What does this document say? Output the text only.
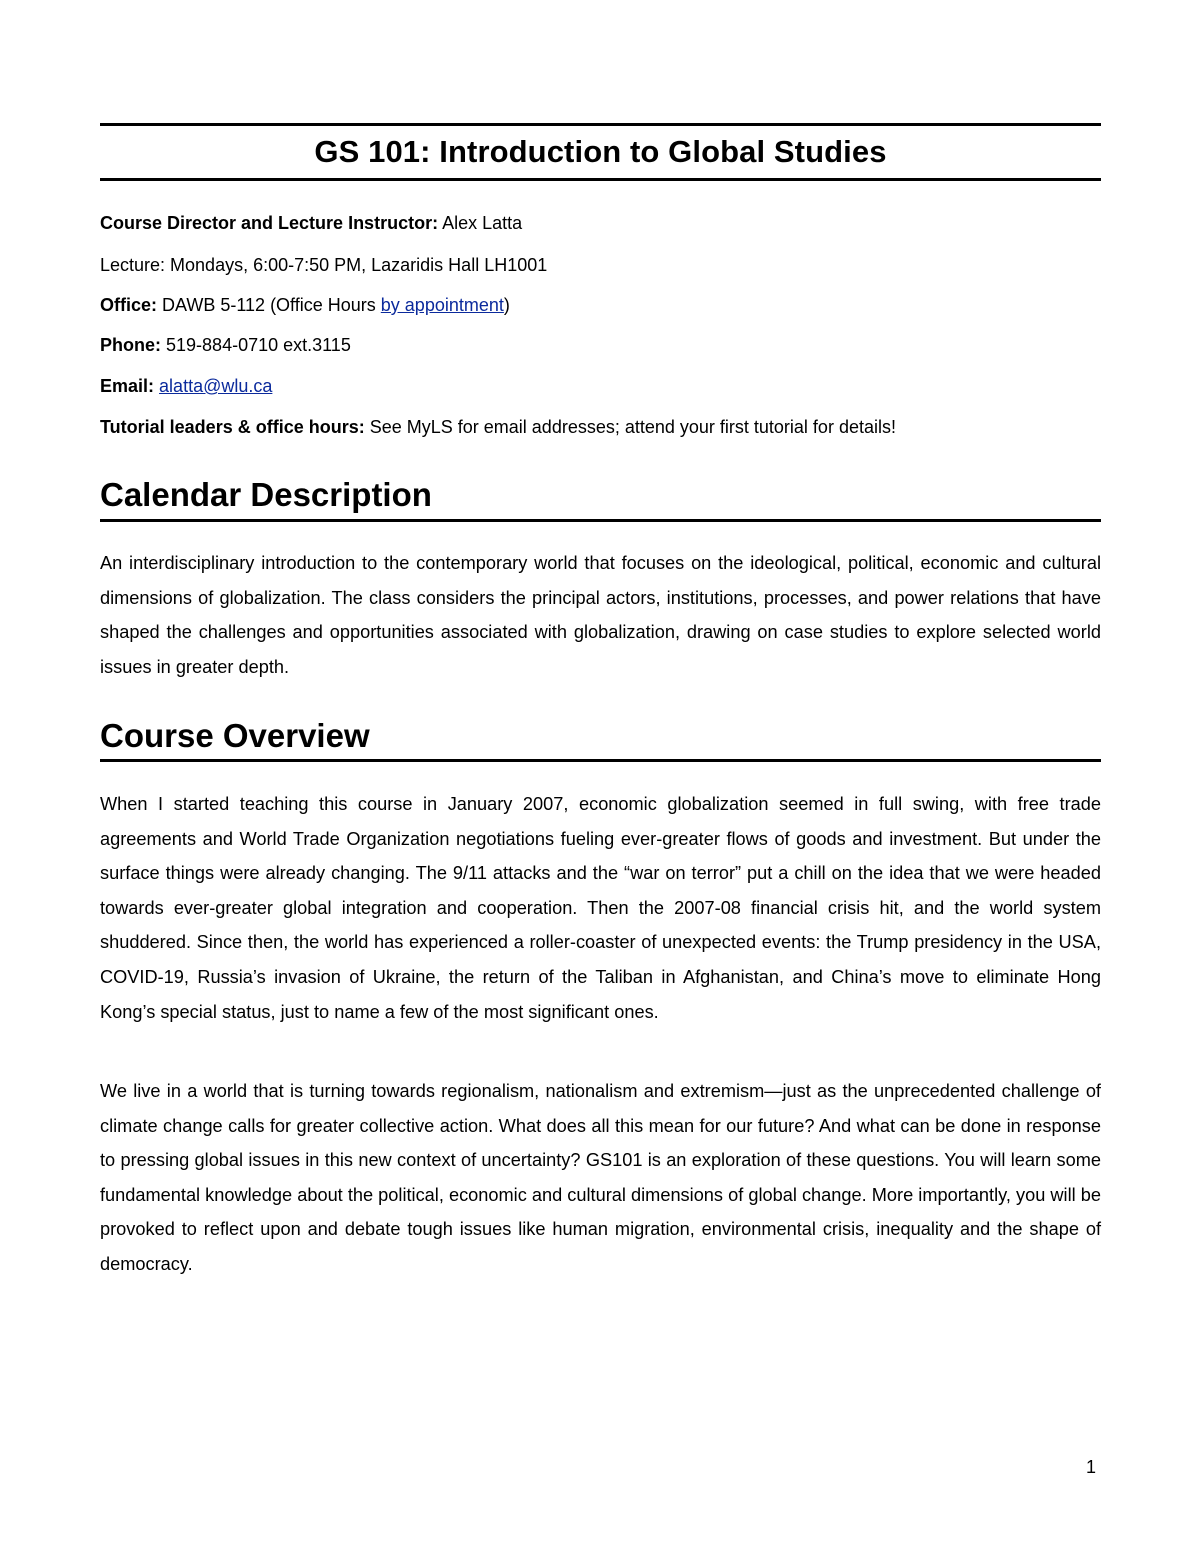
GS 101: Introduction to Global Studies
Course Director and Lecture Instructor: Alex Latta
Lecture: Mondays, 6:00-7:50 PM, Lazaridis Hall LH1001
Office: DAWB 5-112 (Office Hours by appointment)
Phone: 519-884-0710 ext.3115
Email: alatta@wlu.ca
Tutorial leaders & office hours: See MyLS for email addresses; attend your first tutorial for details!
Calendar Description

An interdisciplinary introduction to the contemporary world that focuses on the ideological, political, economic and cultural dimensions of globalization. The class considers the principal actors, institutions, processes, and power relations that have shaped the challenges and opportunities associated with globalization, drawing on case studies to explore selected world issues in greater depth.

Course Overview

When I started teaching this course in January 2007, economic globalization seemed in full swing, with free trade agreements and World Trade Organization negotiations fueling ever-greater flows of goods and investment. But under the surface things were already changing. The 9/11 attacks and the “war on terror” put a chill on the idea that we were headed towards ever-greater global integration and cooperation. Then the 2007-08 financial crisis hit, and the world system shuddered. Since then, the world has experienced a roller-coaster of unexpected events: the Trump presidency in the USA, COVID-19, Russia’s invasion of Ukraine, the return of the Taliban in Afghanistan, and China’s move to eliminate Hong Kong’s special status, just to name a few of the most significant ones.

We live in a world that is turning towards regionalism, nationalism and extremism—just as the unprecedented challenge of climate change calls for greater collective action. What does all this mean for our future? And what can be done in response to pressing global issues in this new context of uncertainty? GS101 is an exploration of these questions. You will learn some fundamental knowledge about the political, economic and cultural dimensions of global change. More importantly, you will be provoked to reflect upon and debate tough issues like human migration, environmental crisis, inequality and the shape of democracy.

1
